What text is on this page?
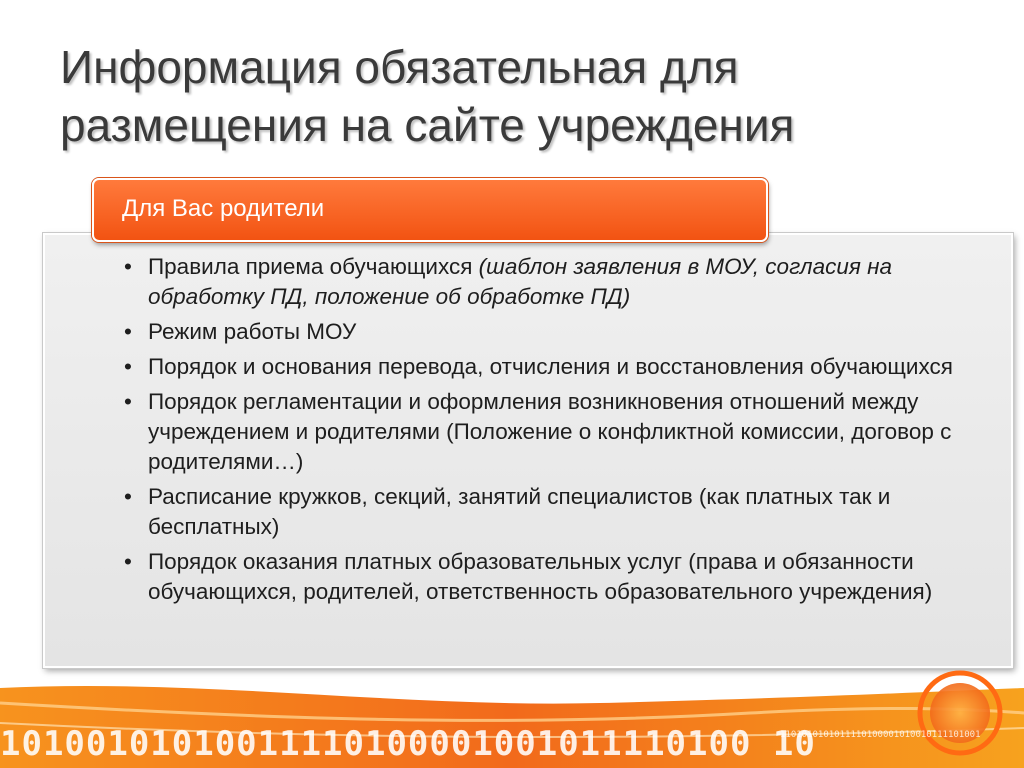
Информация обязательная для размещения на сайте учреждения
Для Вас родители
• Правила приема обучающихся (шаблон заявления в МОУ, согласия на обработку ПД, положение об обработке ПД)
• Режим работы МОУ
• Порядок и основания перевода, отчисления и восстановления обучающихся
• Порядок регламентации и оформления возникновения отношений между учреждением и родителями (Положение о конфликтной комиссии, договор с родителями…)
• Расписание кружков, секций, занятий специалистов (как платных так и бесплатных)
• Порядок оказания платных образовательных услуг (права и обязанности обучающихся, родителей, ответственность образовательного учреждения)
10100101010011110100001001011110100 10
1101010101011110100001010010111101001
